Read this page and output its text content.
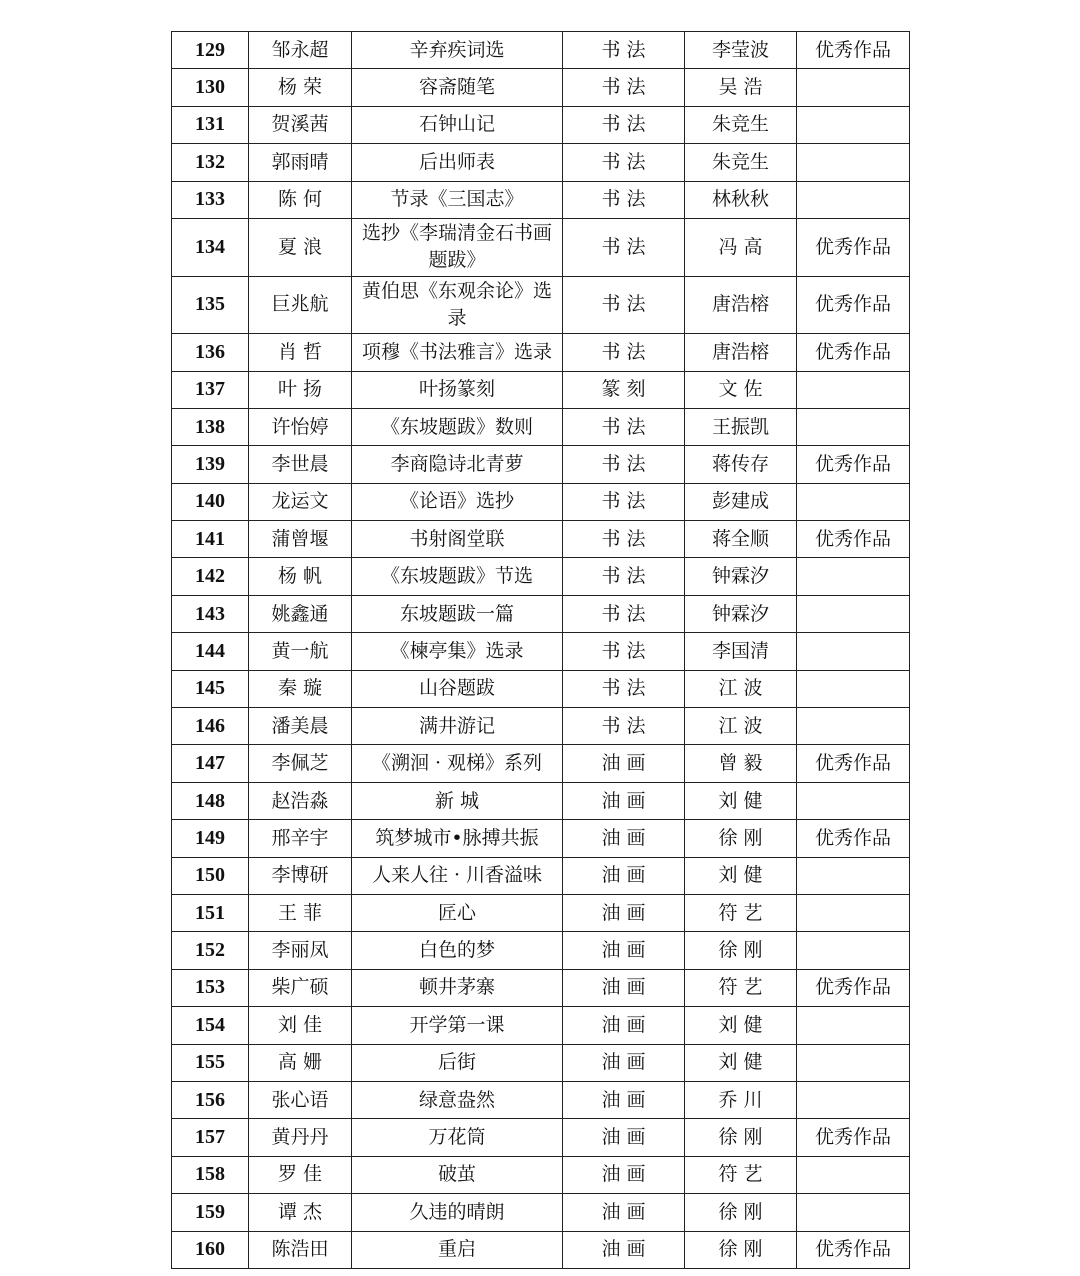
129	邹永超	辛弃疾词选	书 法	李莹波	优秀作品
130	杨 荣	容斋随笔	书 法	吴 浩	
131	贺溪茜	石钟山记	书 法	朱竞生	
132	郭雨晴	后出师表	书 法	朱竞生	
133	陈 何	节录《三国志》	书 法	林秋秋	
134	夏 浪	选抄《李瑞清金石书画题跋》	书 法	冯 高	优秀作品
135	巨兆航	黄伯思《东观余论》选录	书 法	唐浩榕	优秀作品
136	肖 哲	项穆《书法雅言》选录	书 法	唐浩榕	优秀作品
137	叶 扬	叶扬篆刻	篆 刻	文 佐	
138	许怡婷	《东坡题跋》数则	书 法	王振凯	
139	李世晨	李商隐诗北青萝	书 法	蒋传存	优秀作品
140	龙运文	《论语》选抄	书 法	彭建成	
141	蒲曾堰	书射阁堂联	书 法	蒋全顺	优秀作品
142	杨 帆	《东坡题跋》节选	书 法	钟霖汐	
143	姚鑫通	东坡题跋一篇	书 法	钟霖汐	
144	黄一航	《楝亭集》选录	书 法	李国清	
145	秦 璇	山谷题跋	书 法	江 波	
146	潘美晨	满井游记	书 法	江 波	
147	李佩芝	《溯洄 · 观梯》系列	油 画	曾 毅	优秀作品
148	赵浩淼	新 城	油 画	刘 健	
149	邢辛宇	筑梦城市•脉搏共振	油 画	徐 刚	优秀作品
150	李博研	人来人往 · 川香溢味	油 画	刘 健	
151	王 菲	匠心	油 画	符 艺	
152	李丽凤	白色的梦	油 画	徐 刚	
153	柴广硕	顿井茅寨	油 画	符 艺	优秀作品
154	刘 佳	开学第一课	油 画	刘 健	
155	高 姗	后街	油 画	刘 健	
156	张心语	绿意盎然	油 画	乔 川	
157	黄丹丹	万花筒	油 画	徐 刚	优秀作品
158	罗 佳	破茧	油 画	符 艺	
159	谭 杰	久违的晴朗	油 画	徐 刚	
160	陈浩田	重启	油 画	徐 刚	优秀作品
